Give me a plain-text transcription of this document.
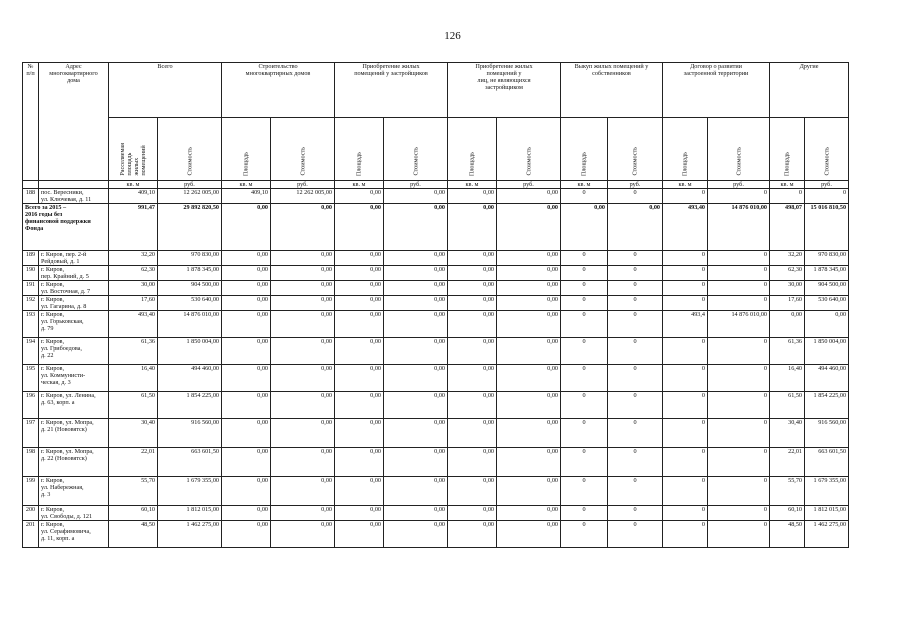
126
№
п/п	Адрес
многоквартирного
дома	Всего		Строительство
многоквартирных домов		Приобретение жилых
помещений у застройщиков		Приобретение жилых
помещений у
лиц, не являющихся
застройщиком		Выкуп жилых помещений у
собственников		Договор о развитии
застроенной территории		Другие	

		Расселяемая
площадь
жилых
помещений	Стоимость	Площадь	Стоимость	Площадь	Стоимость	Площадь	Стоимость	Площадь	Стоимость	Площадь	Стоимость	Площадь	Стоимость

		кв. м	руб.	кв. м	руб.	кв. м	руб.	кв. м	руб.	кв. м	руб.	кв. м	руб.	кв. м	руб.
188	пос. Вересники,
ул. Ключевая, д. 11	409,10	12 262 005,00	409,10	12 262 005,00	0,00	0,00	0,00	0,00	0	0	0	0	0	0
Всего за 2015 –
2016 годы без
финансовой поддержки
Фонда		991,47	29 892 820,50	0,00	0,00	0,00	0,00	0,00	0,00	0,00	0,00	493,40	14 876 010,00	498,07	15 016 810,50
189	г. Киров, пер. 2-й
Рейдовый, д. 1	32,20	970 830,00	0,00	0,00	0,00	0,00	0,00	0,00	0	0	0	0	32,20	970 830,00
190	г. Киров,
пер. Крайний, д. 5	62,30	1 878 345,00	0,00	0,00	0,00	0,00	0,00	0,00	0	0	0	0	62,30	1 878 345,00
191	г. Киров,
ул. Восточная, д. 7	30,00	904 500,00	0,00	0,00	0,00	0,00	0,00	0,00	0	0	0	0	30,00	904 500,00
192	г. Киров,
ул. Гагарина, д. 8	17,60	530 640,00	0,00	0,00	0,00	0,00	0,00	0,00	0	0	0	0	17,60	530 640,00
193	г. Киров,
ул. Горьковская,
д. 79	493,40	14 876 010,00	0,00	0,00	0,00	0,00	0,00	0,00	0	0	493,4	14 876 010,00	0,00	0,00
194	г. Киров,
ул. Грибоедова,
д. 22	61,36	1 850 004,00	0,00	0,00	0,00	0,00	0,00	0,00	0	0	0	0	61,36	1 850 004,00
195	г. Киров,
ул. Коммунисти-
ческая, д. 3	16,40	494 460,00	0,00	0,00	0,00	0,00	0,00	0,00	0	0	0	0	16,40	494 460,00
196	г. Киров, ул. Ленина,
д. 63, корп. а	61,50	1 854 225,00	0,00	0,00	0,00	0,00	0,00	0,00	0	0	0	0	61,50	1 854 225,00
197	г. Киров, ул. Мопра,
д. 21 (Нововятск)	30,40	916 560,00	0,00	0,00	0,00	0,00	0,00	0,00	0	0	0	0	30,40	916 560,00
198	г. Киров, ул. Мопра,
д. 22 (Нововятск)	22,01	663 601,50	0,00	0,00	0,00	0,00	0,00	0,00	0	0	0	0	22,01	663 601,50
199	г. Киров,
ул. Набережная,
д. 3	55,70	1 679 355,00	0,00	0,00	0,00	0,00	0,00	0,00	0	0	0	0	55,70	1 679 355,00
200	г. Киров,
ул. Свободы, д. 121	60,10	1 812 015,00	0,00	0,00	0,00	0,00	0,00	0,00	0	0	0	0	60,10	1 812 015,00
201	г. Киров,
ул. Серафимовича,
д. 11, корп. а	48,50	1 462 275,00	0,00	0,00	0,00	0,00	0,00	0,00	0	0	0	0	48,50	1 462 275,00
